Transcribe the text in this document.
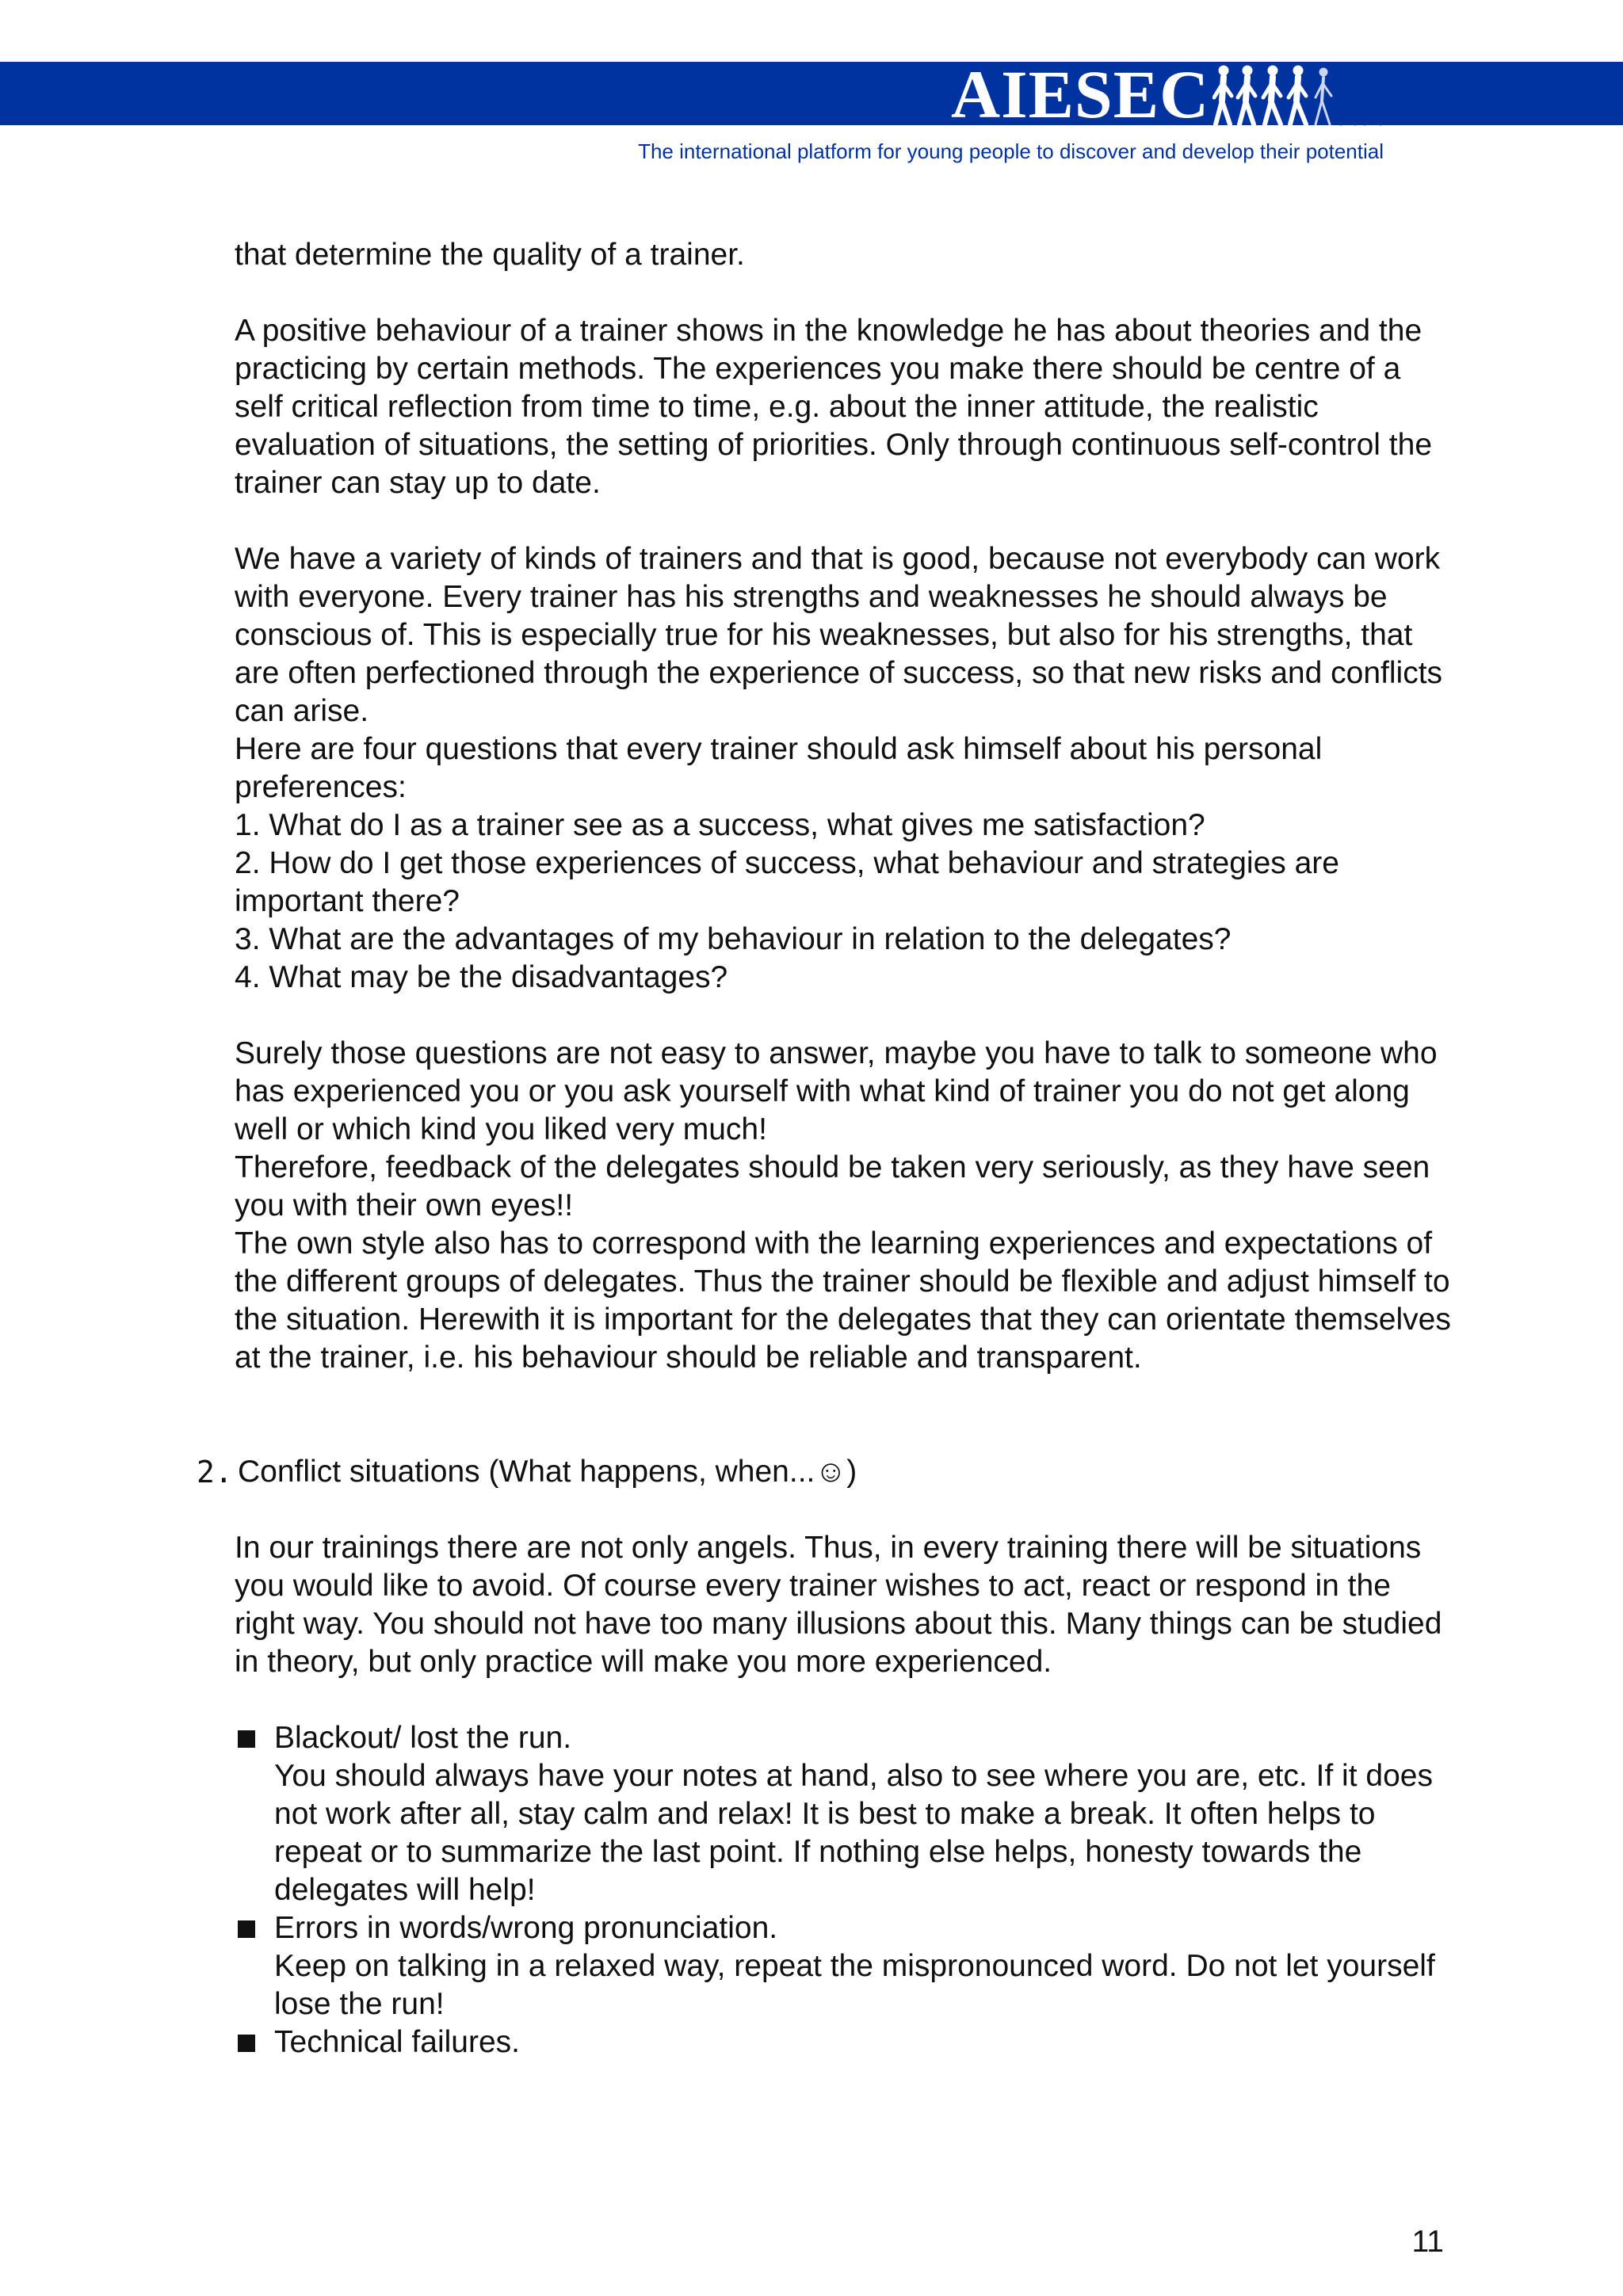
AIESEC
The international platform for young people to discover and develop their potential

that determine the quality of a trainer.

A positive behaviour of a trainer shows in the knowledge he has about theories and the practicing by certain methods. The experiences you make there should be centre of a self critical reflection from time to time, e.g. about the inner attitude, the realistic evaluation of situations, the setting of priorities. Only through continuous self-control the trainer can stay up to date.

We have a variety of kinds of trainers and that is good, because not everybody can work with everyone. Every trainer has his strengths and weaknesses he should always be conscious of. This is especially true for his weaknesses, but also for his strengths, that are often perfectioned through the experience of success, so that new risks and conflicts can arise.

Here are four questions that every trainer should ask himself about his personal preferences:

1. What do I as a trainer see as a success, what gives me satisfaction?

2. How do I get those experiences of success, what behaviour and strategies are important there?

3. What are the advantages of my behaviour in relation to the delegates?

4. What may be the disadvantages?

Surely those questions are not easy to answer, maybe you have to talk to someone who has experienced you or you ask yourself with what kind of trainer you do not get along well or which kind you liked very much!

Therefore, feedback of the delegates should be taken very seriously, as they have seen you with their own eyes!!

The own style also has to correspond with the learning experiences and expectations of the different groups of delegates. Thus the trainer should be flexible and adjust himself to the situation. Herewith it is important for the delegates that they can orientate themselves at the trainer, i.e. his behaviour should be reliable and transparent.

2. Conflict situations (What happens, when...☺)

In our trainings there are not only angels. Thus, in every training there will be situations you would like to avoid. Of course every trainer wishes to act, react or respond in the right way. You should not have too many illusions about this. Many things can be studied in theory, but only practice will make you more experienced.

Blackout/ lost the run.

You should always have your notes at hand, also to see where you are, etc. If it does not work after all, stay calm and relax! It is best to make a break. It often helps to repeat or to summarize the last point. If nothing else helps, honesty towards the delegates will help!

Errors in words/wrong pronunciation.

Keep on talking in a relaxed way, repeat the mispronounced word. Do not let yourself lose the run!

Technical failures.

11
